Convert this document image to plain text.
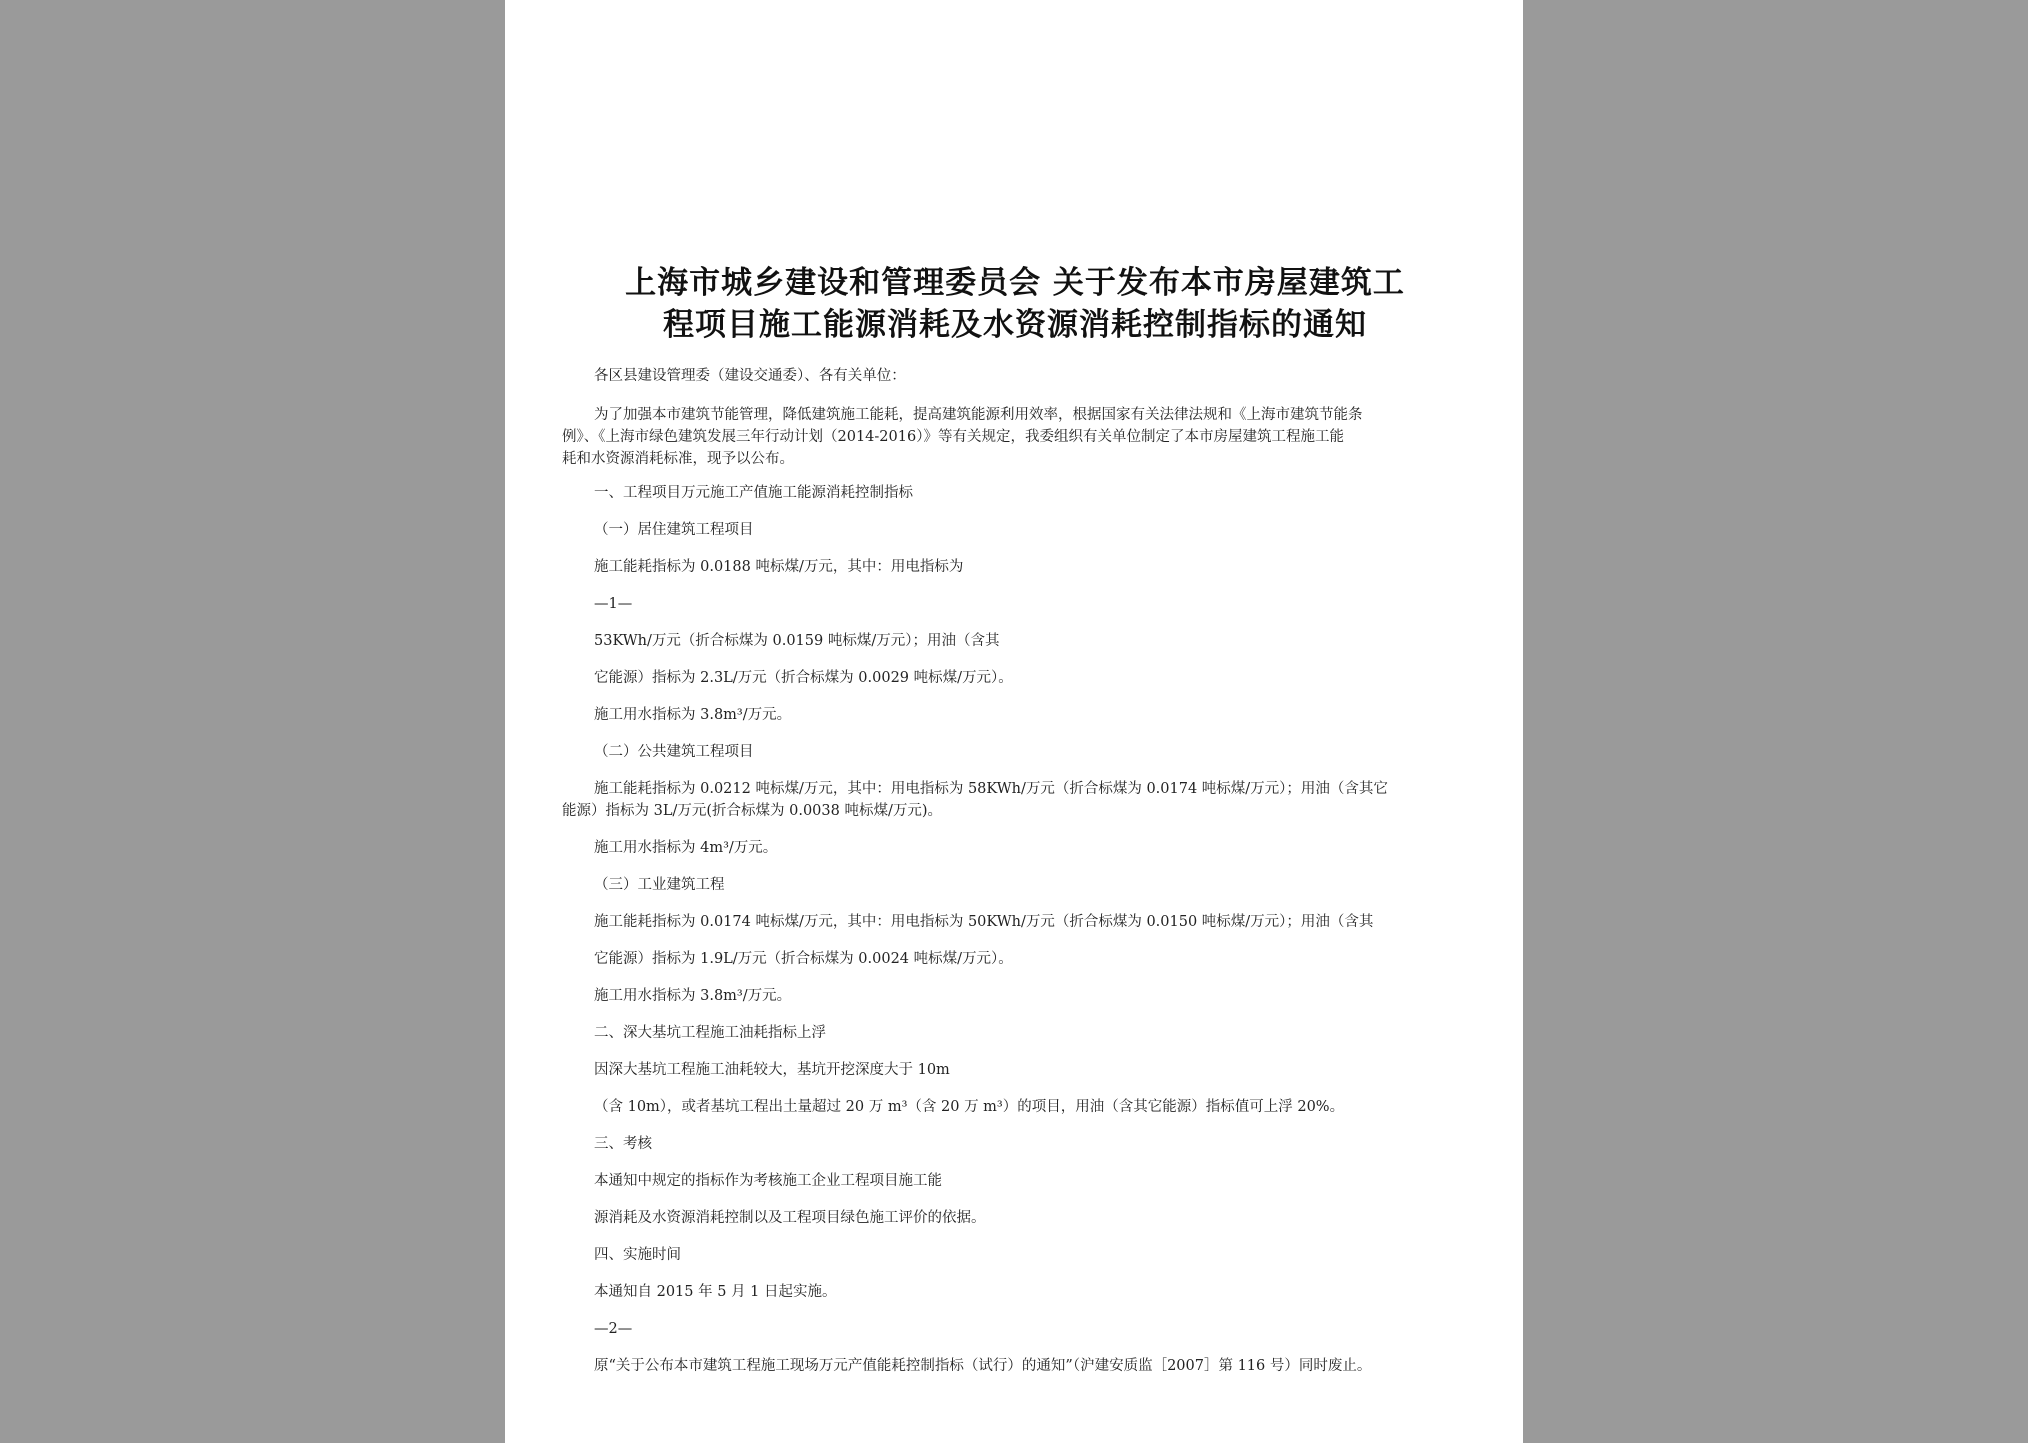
上海市城乡建设和管理委员会 关于发布本市房屋建筑工
程项目施工能源消耗及水资源消耗控制指标的通知
各区县建设管理委（建设交通委）、各有关单位：
为了加强本市建筑节能管理，降低建筑施工能耗，提高建筑能源利用效率，根据国家有关法律法规和《上海市建筑节能条
例》、《上海市绿色建筑发展三年行动计划（2014-2016）》等有关规定，我委组织有关单位制定了本市房屋建筑工程施工能
耗和水资源消耗标准，现予以公布。
一、工程项目万元施工产值施工能源消耗控制指标
（一）居住建筑工程项目
施工能耗指标为 0.0188 吨标煤/万元，其中：用电指标为
—1—
53KWh/万元（折合标煤为 0.0159 吨标煤/万元）；用油（含其
它能源）指标为 2.3L/万元（折合标煤为 0.0029 吨标煤/万元）。
施工用水指标为 3.8m³/万元。
（二）公共建筑工程项目
施工能耗指标为 0.0212 吨标煤/万元，其中：用电指标为 58KWh/万元（折合标煤为 0.0174 吨标煤/万元）；用油（含其它
能源）指标为 3L/万元(折合标煤为 0.0038 吨标煤/万元)。
施工用水指标为 4m³/万元。
（三）工业建筑工程
施工能耗指标为 0.0174 吨标煤/万元，其中：用电指标为 50KWh/万元（折合标煤为 0.0150 吨标煤/万元）；用油（含其
它能源）指标为 1.9L/万元（折合标煤为 0.0024 吨标煤/万元）。
施工用水指标为 3.8m³/万元。
二、深大基坑工程施工油耗指标上浮
因深大基坑工程施工油耗较大，基坑开挖深度大于 10m
（含 10m），或者基坑工程出土量超过 20 万 m³（含 20 万 m³）的项目，用油（含其它能源）指标值可上浮 20%。
三、考核
本通知中规定的指标作为考核施工企业工程项目施工能
源消耗及水资源消耗控制以及工程项目绿色施工评价的依据。
四、实施时间
本通知自 2015 年 5 月 1 日起实施。
—2—
原“关于公布本市建筑工程施工现场万元产值能耗控制指标（试行）的通知”（沪建安质监［2007］第 116 号）同时废止。
